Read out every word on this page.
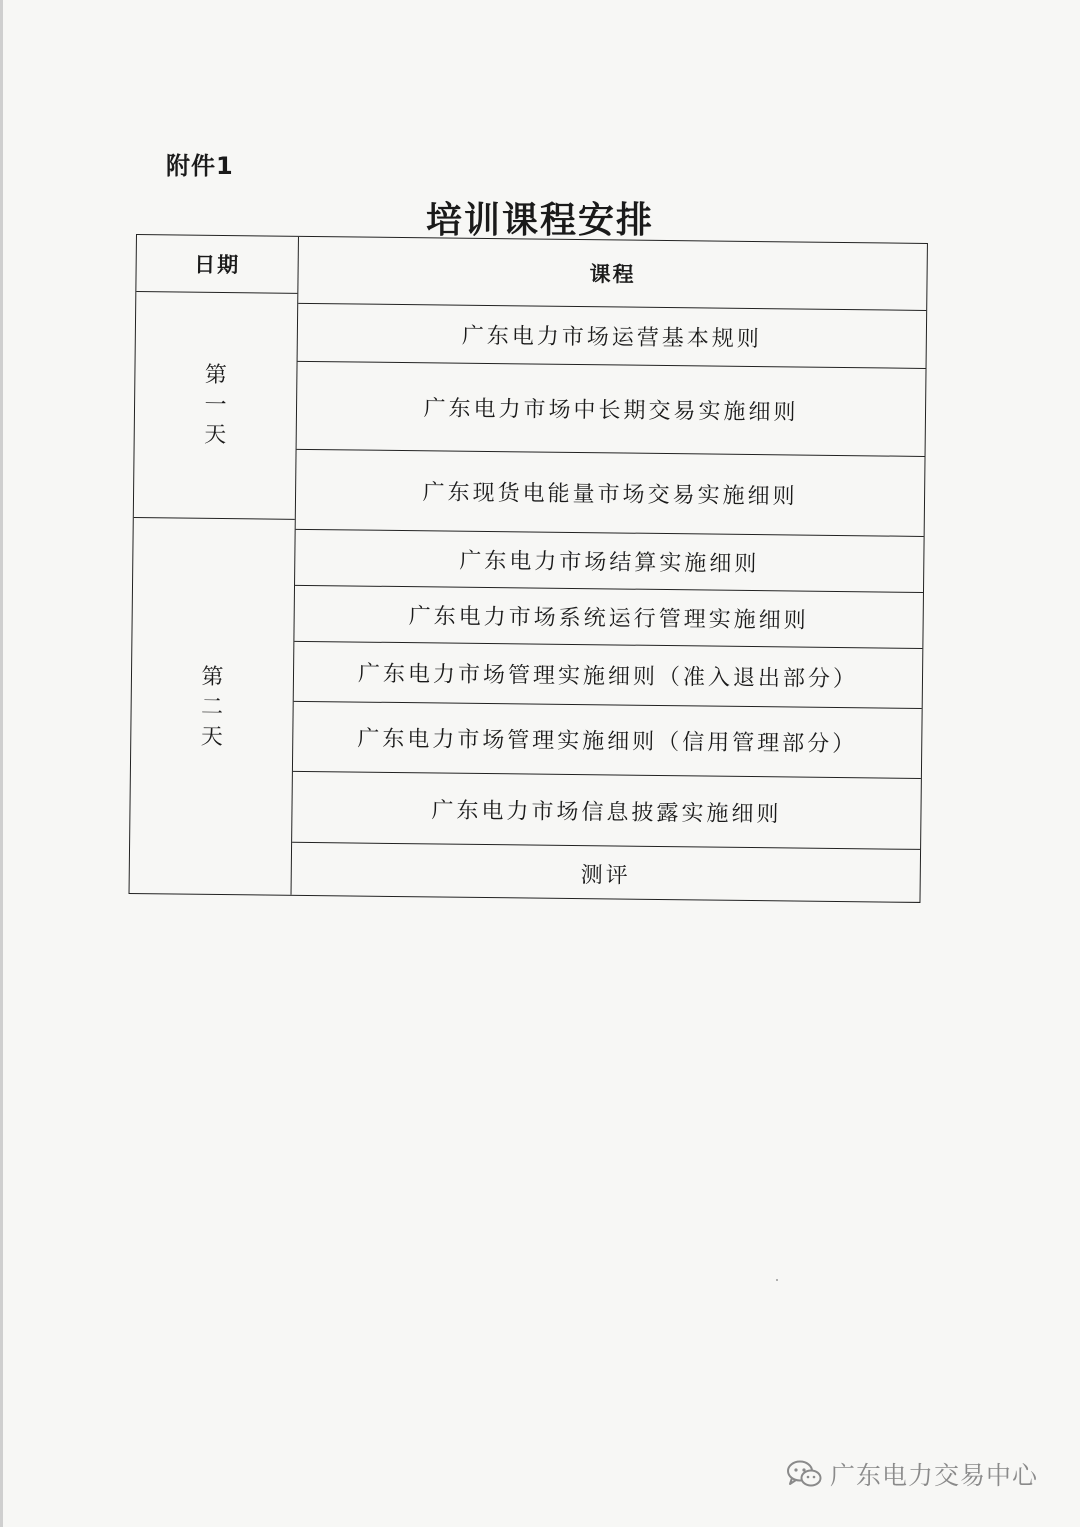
附件1
培训课程安排
日期
第一天
第二天
课程
广东电力市场运营基本规则
广东电力市场中长期交易实施细则
广东现货电能量市场交易实施细则
广东电力市场结算实施细则
广东电力市场系统运行管理实施细则
广东电力市场管理实施细则（准入退出部分）
广东电力市场管理实施细则（信用管理部分）
广东电力市场信息披露实施细则
测评
广东电力交易中心
